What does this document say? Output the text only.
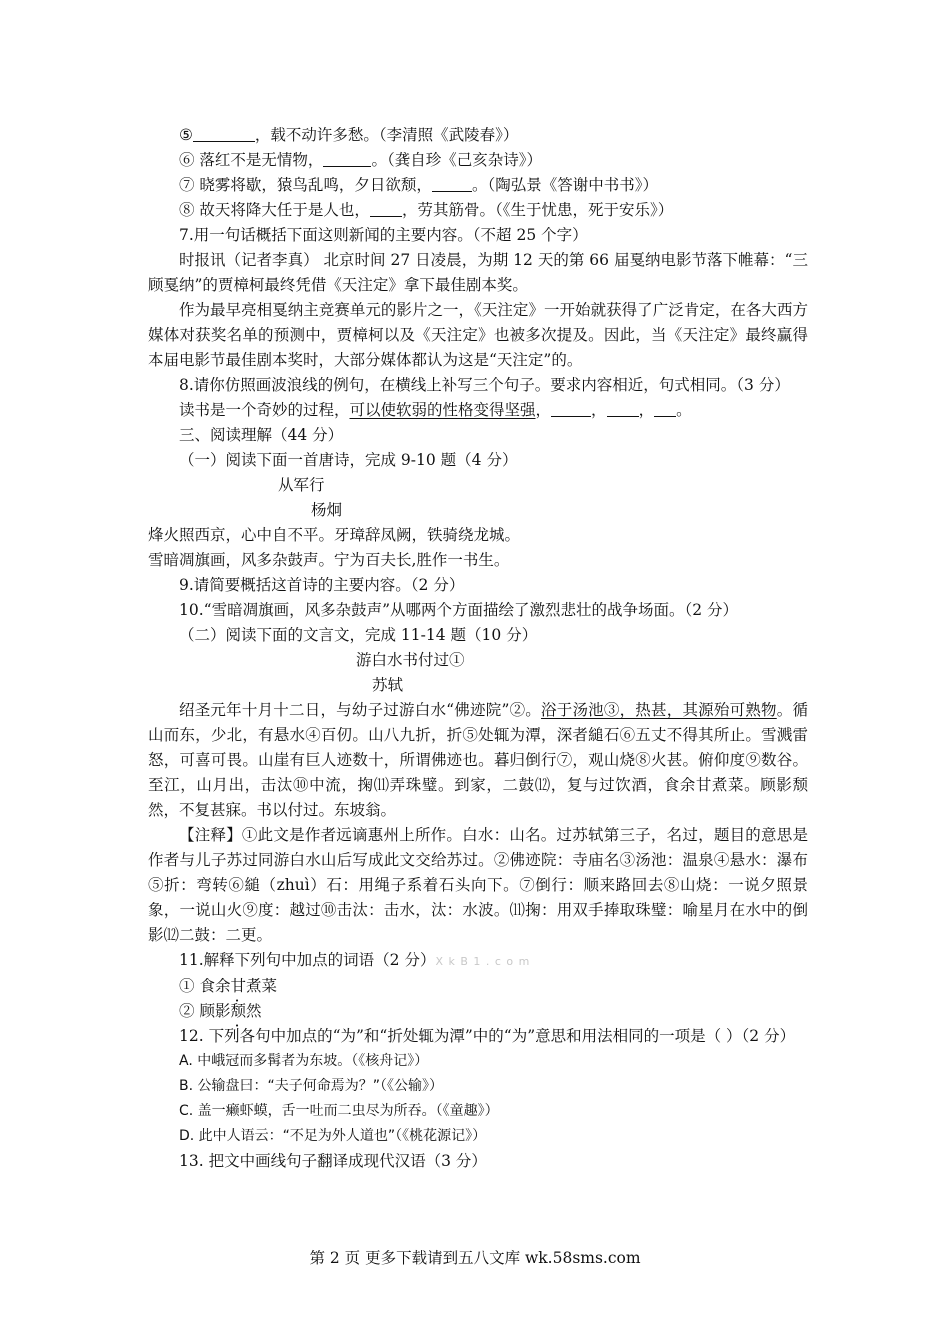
⑤	，载不动许多愁。（李清照《武陵春》）

⑥ 落红不是无情物，	。（龚自珍《己亥杂诗》）

⑦ 晓雾将歇，猿鸟乱鸣，夕日欲颓，	。（陶弘景《答谢中书书》）

⑧ 故天将降大任于是人也， ，劳其筋骨。（《生于忧患，死于安乐》）

7.用一句话概括下面这则新闻的主要内容。（不超 25 个字）

时报讯（记者李真） 北京时间 27 日凌晨，为期 12 天的第 66 届戛纳电影节落下帷幕：“三顾戛纳”的贾樟柯最终凭借《天注定》拿下最佳剧本奖。

作为最早亮相戛纳主竞赛单元的影片之一，《天注定》一开始就获得了广泛肯定，在各大西方媒体对获奖名单的预测中，贾樟柯以及《天注定》也被多次提及。因此，当《天注定》最终赢得本届电影节最佳剧本奖时，大部分媒体都认为这是“天注定”的。

8.请你仿照画波浪线的例句，在横线上补写三个句子。要求内容相近，句式相同。（3 分）

读书是一个奇妙的过程，可以使软弱的性格变得坚强，	， ， 。

三、阅读理解（44 分）

（一）阅读下面一首唐诗，完成 9-10 题（4 分）

从军行

杨炯

烽火照西京，心中自不平。牙璋辞凤阙，铁骑绕龙城。

雪暗凋旗画，风多杂鼓声。宁为百夫长,胜作一书生。

9.请简要概括这首诗的主要内容。（2 分）

10.“雪暗凋旗画，风多杂鼓声”从哪两个方面描绘了激烈悲壮的战争场面。（2 分）

（二）阅读下面的文言文，完成 11-14 题（10 分）

游白水书付过①

苏轼

绍圣元年十月十二日，与幼子过游白水“佛迹院”②。浴于汤池③，热甚，其源殆可熟物。循山而东，少北，有悬水④百仞。山八九折，折⑤处辄为潭，深者縋石⑥五丈不得其所止。雪溅雷怒，可喜可畏。山崖有巨人迹数十，所谓佛迹也。暮归倒行⑦，观山烧⑧火甚。俯仰度⑨数谷。至江，山月出，击汰⑩中流，掬⑾弄珠璧。到家，二鼓⑿，复与过饮酒，食余甘煮菜。顾影颓然，不复甚寐。书以付过。东坡翁。

【注释】①此文是作者远谪惠州上所作。白水：山名。过苏轼第三子，名过，题目的意思是作者与儿子苏过同游白水山后写成此文交给苏过。②佛迹院：寺庙名③汤池：温泉④悬水：瀑布⑤折：弯转⑥縋（zhuì）石：用绳子系着石头向下。⑦倒行：顺来路回去⑧山烧：一说夕照景象，一说山火⑨度：越过⑩击汰：击水，汰：水波。⑾掬：用双手捧取珠璧：喻星月在水中的倒影⑿二鼓：二更。

11.解释下列句中加点的词语（2 分）X k B 1 . c o m

① 食 ·余甘煮菜

② 顾 ·影颓然

12. 下列各句中加点的“为”和“折处辄为潭”中的“为”意思和用法相同的一项是（ ）（2 分）

A. 中峨冠而多髯者为东坡。（《核舟记》）

B. 公输盘曰：“夫子何命焉为？”（《公输》）

C. 盖一癞虾蟆，舌一吐而二虫尽为所吞。（《童趣》）

D. 此中人语云：“不足为外人道也”（《桃花源记》）

13. 把文中画线句子翻译成现代汉语（3 分）

第 2 页 更多下载请到五八文库 wk.58sms.com
